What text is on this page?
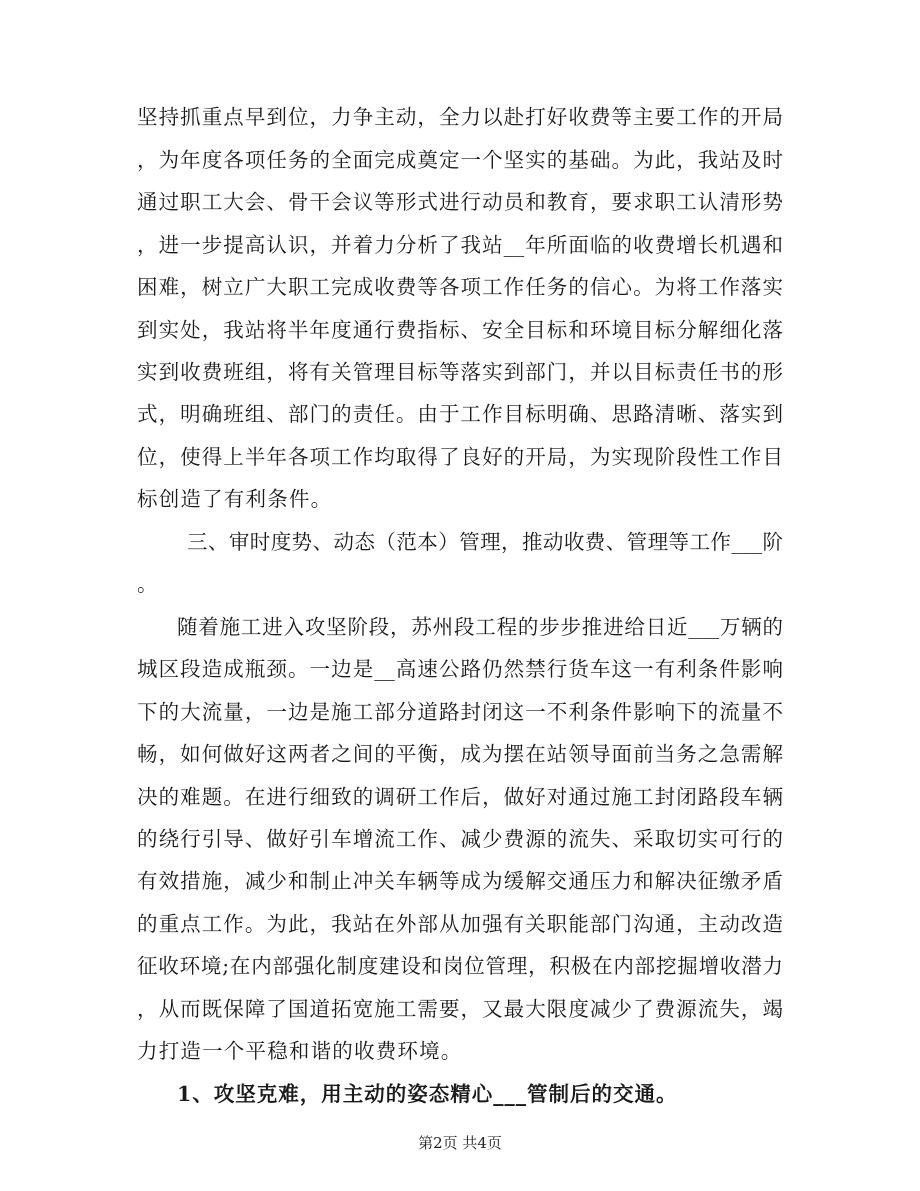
坚持抓重点早到位，力争主动，全力以赴打好收费等主要工作的开局
，为年度各项任务的全面完成奠定一个坚实的基础。为此，我站及时
通过职工大会、骨干会议等形式进行动员和教育，要求职工认清形势
，进一步提高认识，并着力分析了我站__年所面临的收费增长机遇和
困难，树立广大职工完成收费等各项工作任务的信心。为将工作落实
到实处，我站将半年度通行费指标、安全目标和环境目标分解细化落
实到收费班组，将有关管理目标等落实到部门，并以目标责任书的形
式，明确班组、部门的责任。由于工作目标明确、思路清晰、落实到
位，使得上半年各项工作均取得了良好的开局，为实现阶段性工作目
标创造了有利条件。
三、审时度势、动态（范本）管理，推动收费、管理等工作___阶
。
随着施工进入攻坚阶段，苏州段工程的步步推进给日近___万辆的
城区段造成瓶颈。一边是__高速公路仍然禁行货车这一有利条件影响
下的大流量，一边是施工部分道路封闭这一不利条件影响下的流量不
畅，如何做好这两者之间的平衡，成为摆在站领导面前当务之急需解
决的难题。在进行细致的调研工作后，做好对通过施工封闭路段车辆
的绕行引导、做好引车增流工作、减少费源的流失、采取切实可行的
有效措施，减少和制止冲关车辆等成为缓解交通压力和解决征缴矛盾
的重点工作。为此，我站在外部从加强有关职能部门沟通，主动改造
征收环境;在内部强化制度建设和岗位管理，积极在内部挖掘增收潜力
，从而既保障了国道拓宽施工需要，又最大限度减少了费源流失，竭
力打造一个平稳和谐的收费环境。
1、攻坚克难，用主动的姿态精心___管制后的交通。
第2页 共4页
